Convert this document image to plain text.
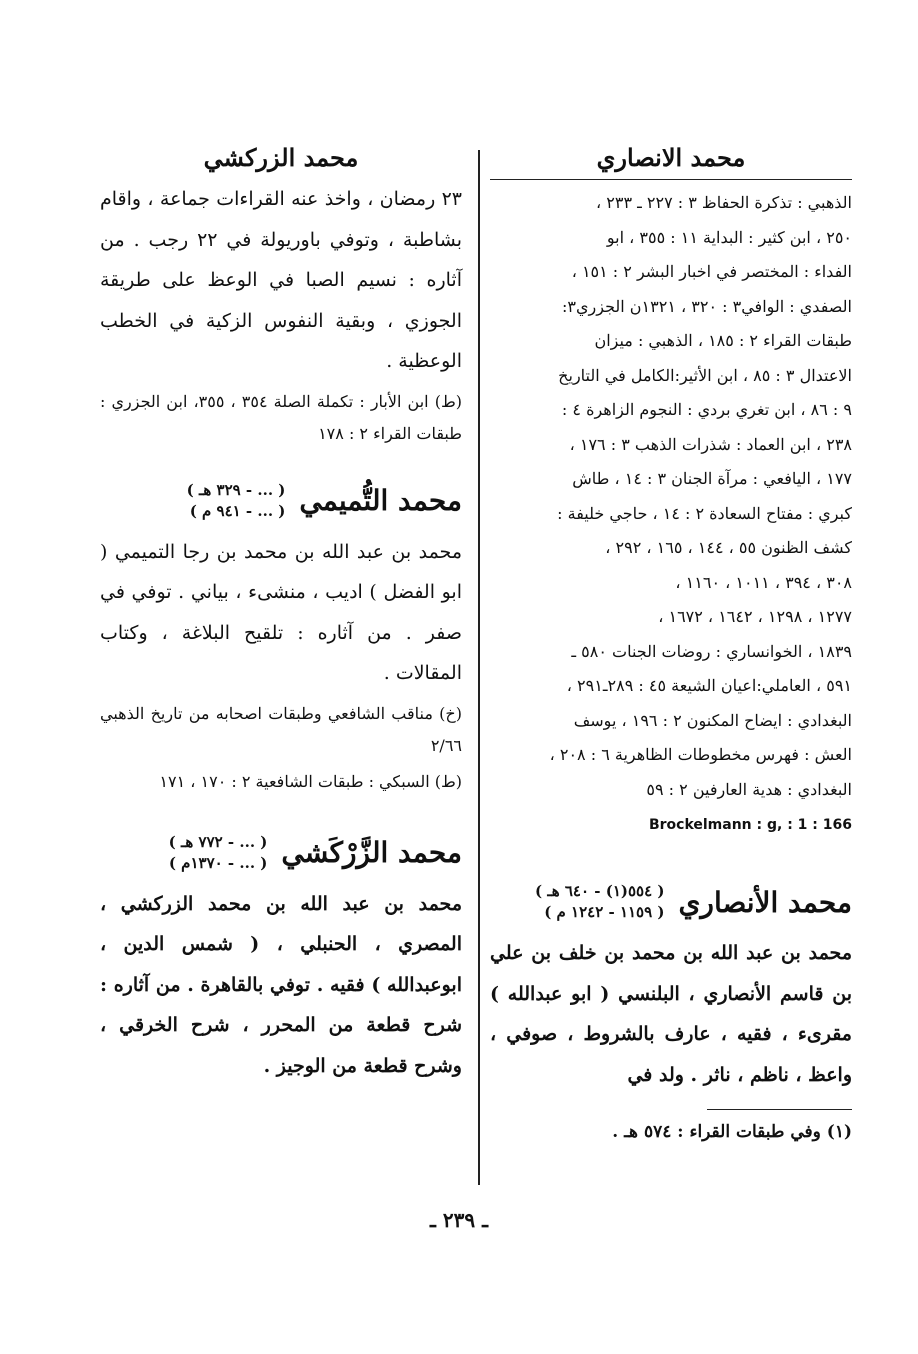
محمد الانصاري

الذهبي : تذكرة الحفاظ ٣ : ٢٢٧ ـ ٢٣٣ ،

٢٥٠ ، ابن كثير : البداية ١١ : ٣٥٥ ، ابو

الفداء : المختصر في اخبار البشر ٢ : ١٥١ ،

الصفدي : الوافي٣ : ٣٢٠ ، ١٣٢١ن الجزري٣:

طبقات القراء ٢ : ١٨٥ ، الذهبي : ميزان

الاعتدال ٣ : ٨٥ ، ابن الأثير:الكامل في التاريخ

٩ : ٨٦ ، ابن تغري بردي : النجوم الزاهرة ٤ :

٢٣٨ ، ابن العماد : شذرات الذهب ٣ : ١٧٦ ،

١٧٧ ، اليافعي : مرآة الجنان ٣ : ١٤ ، طاش

كبري : مفتاح السعادة ٢ : ١٤ ، حاجي خليفة :

كشف الظنون ٥٥ ، ١٤٤ ، ١٦٥ ، ٢٩٢ ،

٣٠٨ ، ٣٩٤ ، ١٠١١ ، ١١٦٠ ،

١٢٧٧ ، ١٢٩٨ ، ١٦٤٢ ، ١٦٧٢ ،

١٨٣٩ ، الخوانساري : روضات الجنات ٥٨٠ ـ

٥٩١ ، العاملي:اعيان الشيعة ٤٥ : ٢٨٩ـ٢٩١ ،

البغدادي : ايضاح المكنون ٢ : ١٩٦ ، يوسف

العش : فهرس مخطوطات الظاهرية ٦ : ٢٠٨ ،

البغدادي : هدية العارفين ٢ : ٥٩

Brockelmann : g, : 1 : 166
محمد الأنصاري
( ٥٥٤(١) - ٦٤٠ هـ )
( ١١٥٩ - ١٢٤٢ م )

محمد بن عبد الله بن محمد بن خلف بن علي بن قاسم الأنصاري ، البلنسي ( ابو عبدالله ) مقرىء ، فقيه ، عارف بالشروط ، صوفي ، واعظ ، ناظم ، ناثر . ولد في

(١) وفي طبقات القراء : ٥٧٤ هـ .
محمد الزركشي

٢٣ رمضان ، واخذ عنه القراءات جماعة ، واقام بشاطبة ، وتوفي باوريولة في ٢٢ رجب . من آثاره : نسيم الصبا في الوعظ على طريقة الجوزي ، وبقية النفوس الزكية في الخطب الوعظية .

(ط) ابن الأبار : تكملة الصلة ٣٥٤ ، ٣٥٥، ابن الجزري : طبقات القراء ٢ : ١٧٨

محمد التُّميمي
( ... - ٣٢٩ هـ )
( ... - ٩٤١ م )

محمد بن عبد الله بن محمد بن رجا التميمي ( ابو الفضل ) اديب ، منشىء ، بياني . توفي في صفر . من آثاره : تلقيح البلاغة ، وكتاب المقالات .

(خ) مناقب الشافعي وطبقات اصحابه من تاريخ الذهبي ٢/٦٦

(ط) السبكي : طبقات الشافعية ٢ : ١٧٠ ، ١٧١

محمد الزَّرْكَشي
( ... - ٧٧٢ هـ )
( ... - ١٣٧٠م )

محمد بن عبد الله بن محمد الزركشي ، المصري ، الحنبلي ، ( شمس الدين ، ابوعبدالله ) فقيه . توفي بالقاهرة . من آثاره : شرح قطعة من المحرر ، شرح الخرقي ، وشرح قطعة من الوجيز .

ـ ٢٣٩ ـ
